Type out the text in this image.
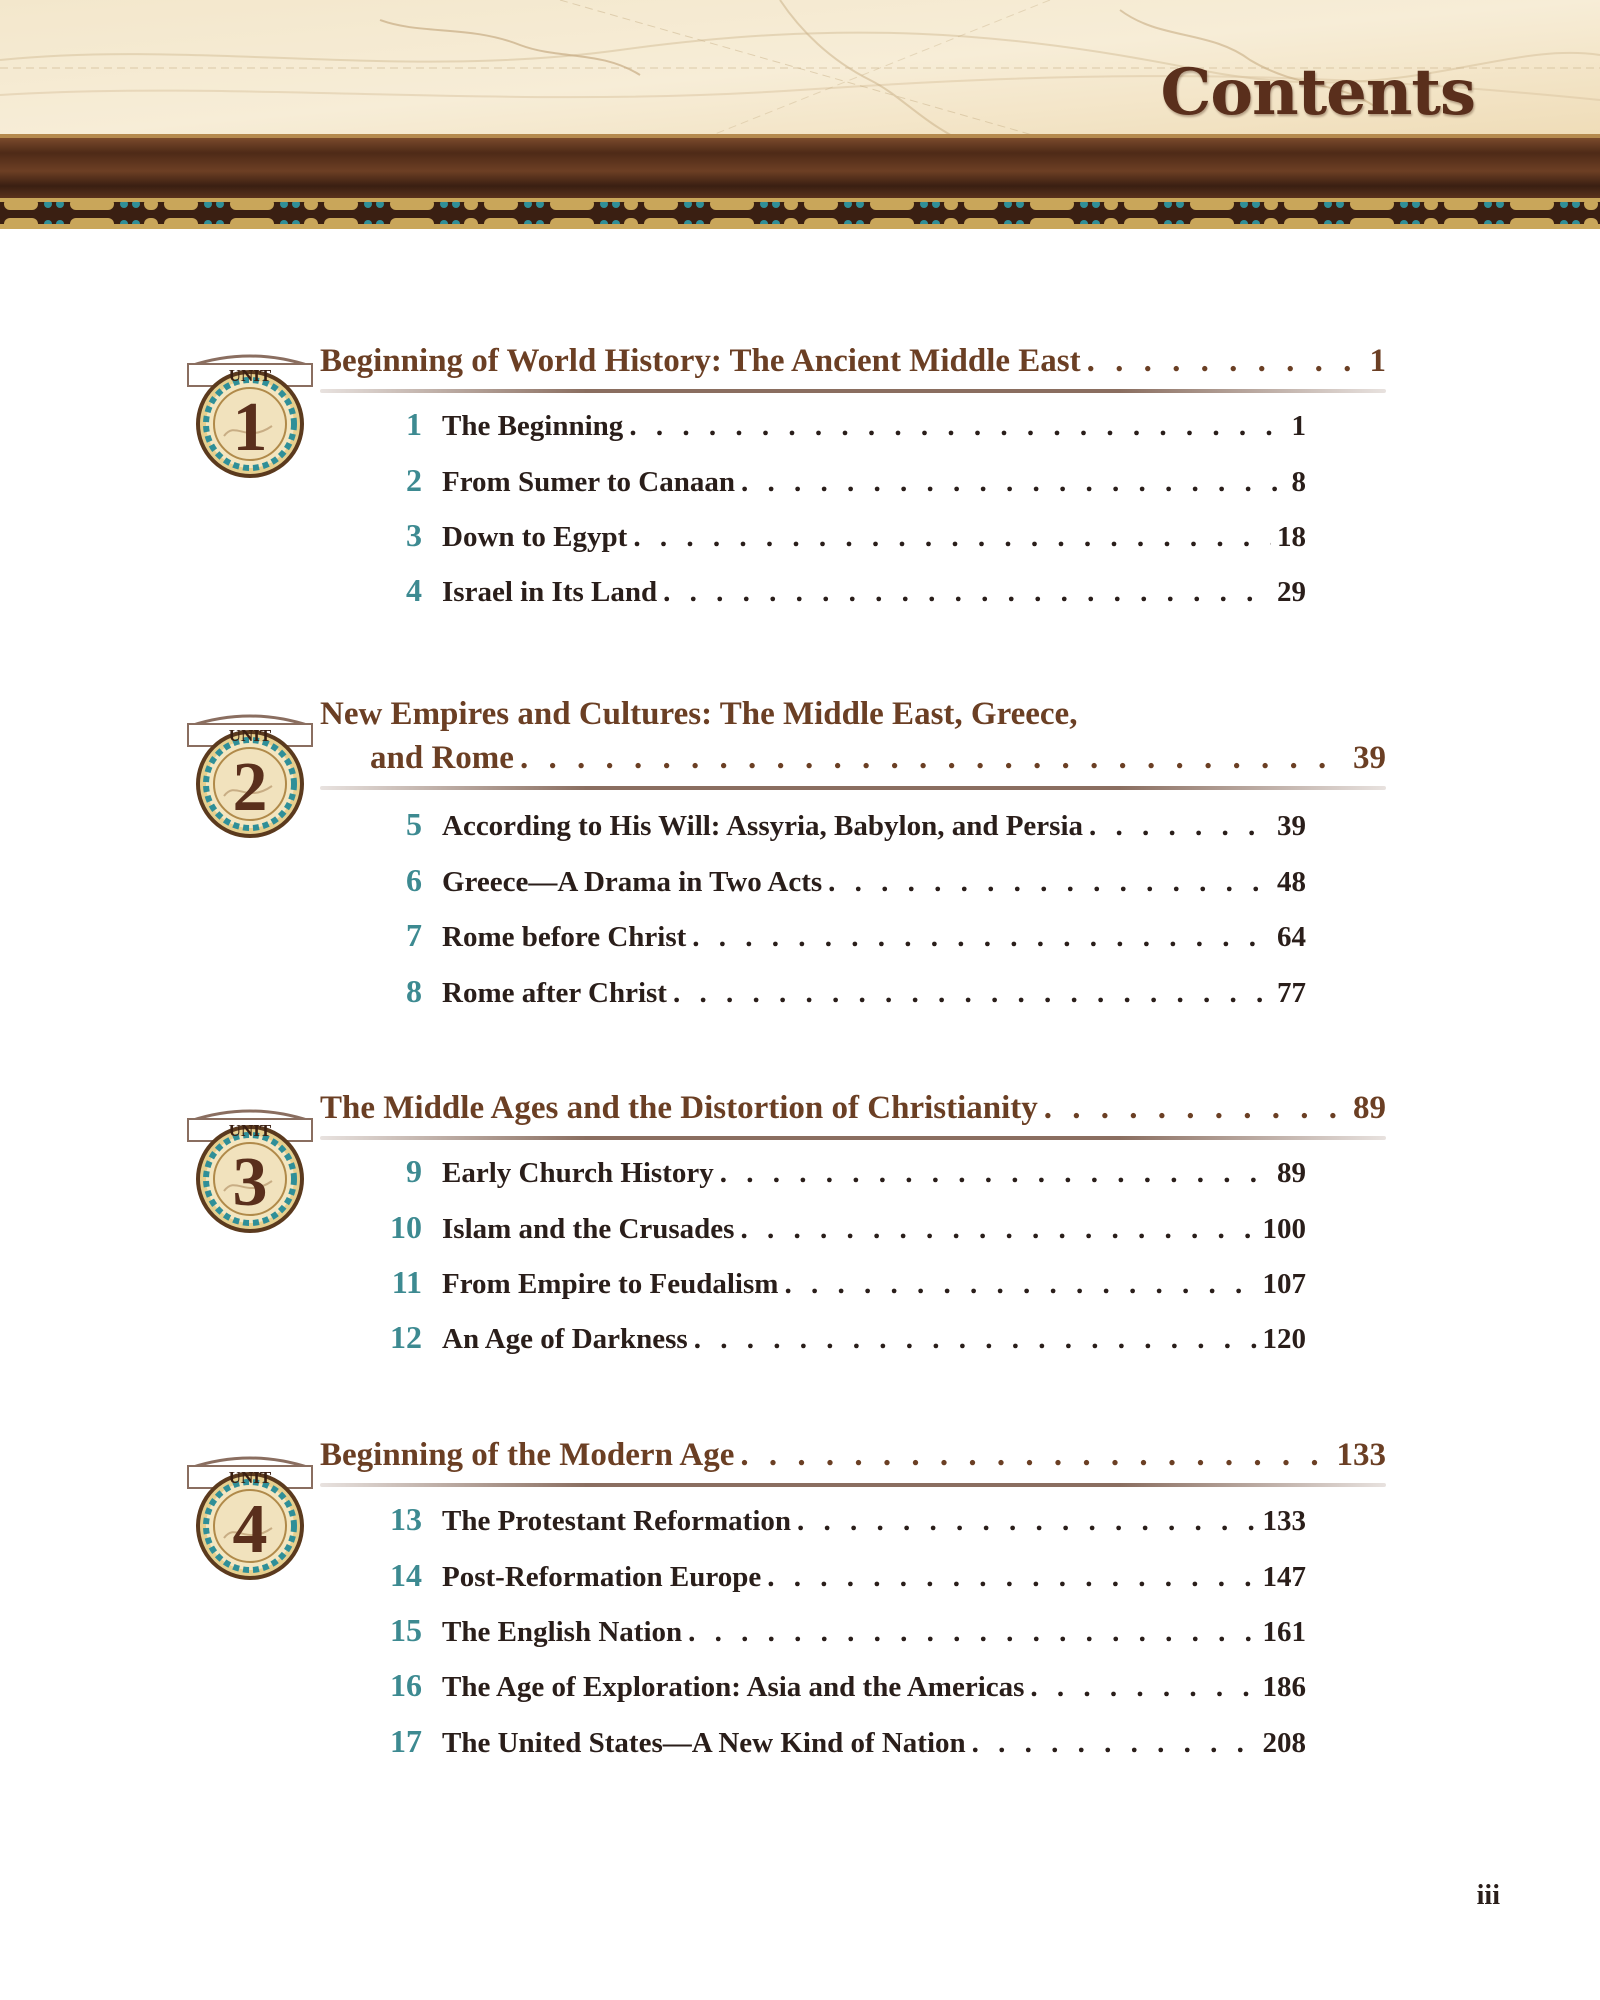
Contents
UNIT
1
Beginning of World History: The Ancient Middle East . . .	1
1 The Beginning . . .	1
2 From Sumer to Canaan . . .	8
3 Down to Egypt . . .	18
4 Israel in Its Land . . .	29
UNIT
2
New Empires and Cultures: The Middle East, Greece,
and Rome . . .	39
5 According to His Will: Assyria, Babylon, and Persia . . .	39
6 Greece—A Drama in Two Acts . . .	48
7 Rome before Christ . . .	64
8 Rome after Christ . . .	77
UNIT
3
The Middle Ages and the Distortion of Christianity . . .	89
9 Early Church History . . .	89
10 Islam and the Crusades . . .	100
11 From Empire to Feudalism . . .	107
12 An Age of Darkness . . .	120
UNIT
4
Beginning of the Modern Age . . .	133
13 The Protestant Reformation . . .	133
14 Post-Reformation Europe . . .	147
15 The English Nation . . .	161
16 The Age of Exploration: Asia and the Americas . . .	186
17 The United States—A New Kind of Nation . . .	208
iii
